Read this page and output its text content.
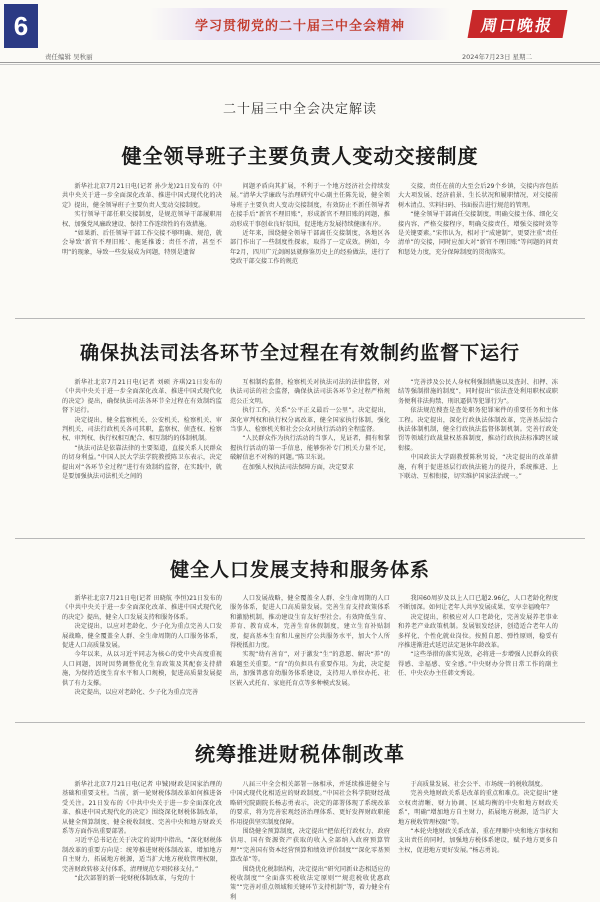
6	学习贯彻党的二十届三中全会精神	周口晚报
责任编辑 吴秋丽	2024年7月23日 星期二
二十届三中全会决定解读
健全领导班子主要负责人变动交接制度

新华社北京7月21日电(记者 孙少龙)21日发布的《中共中央关于进一步全面深化改革、推进中国式现代化的决定》提出，健全领导班子主要负责人变动交接制度。

实行领导干部任职交接制度，是规范领导干部履职用权、加强党风廉政建设、保持工作连续性的有效措施。

“如果新、后任领导干部工作交接不够明确、规范，就会导致‘新官不理旧账’、拖延推诿；责任不清，甚至不明”的现象，导致一些发展成为问题，特别是遗留

问题矛盾向其扩展，不利于一个地方经济社会持续发展。”清华大学廉政与治理研究中心副主任陈先说，健全领导班子主要负责人变动交接制度，有效防止不新任领导者在接手后“新官不理旧账”，形成新官不理旧账的问题，推动形成干事创业良好氛围，促进地方发展持续健康有序。

近年来，围绕健全领导干部离任交接制度，各地区各部门作出了一些制度性探索，取得了一定成效。例如，今年2月，四川广元剑阁县就修鉴历史上的经验做法，进行了党政干部交接工作的规范

交接，责任在前的大至会后29个乡镇，交接内容包括大大项发展、经济前景、生长状况和履职情况，对交接前树木清点、实料扫码、书面报告进行规范的管理。

“健全领导干部离任交接制度，明确交接主体、细化交接内容、严格交接程序，明确交接责任，增强交接时效等是关键要素。”宋伟认为，相对于“成建制”，更要注重“责任清单”的交接，同时应加大对“新官不理旧账”等问题的问责和惩处力度，充分保障制度的贯彻落实。

确保执法司法各环节全过程在有效制约监督下运行

新华社北京7月21日电(记者 刘硕 齐琪)21日发布的《中共中央关于进一步全面深化改革、推进中国式现代化的决定》提出，确保执法司法各环节全过程在有效制约监督下运行。

决定提出，健全监察机关、公安机关、检察机关、审判机关、司法行政机关各司其职，监察权、侦查权、检察权、审判权、执行权相互配合、相互制约的体制机制。

“执法司法是依靠法律的主要渠道，直接关系人民群众的切身利益。”中国人民大学法学院教授陈卫东表示，决定提出对“各环节全过程”进行有效制约监督，在实践中，就是要加强执法司法机关之间的

互相制约监督，检察机关对执法司法的法律监督，对执法司法的社会监督，确保执法司法各环节全过程严格规范公正文明。

执行工作，关系“公平正义最后一公里”。决定提出，深化审判权和执行权分离改革，健全国家执行体制，强化当事人、检察机关和社会公众对执行活动的全程监督。

“人民群众作为执行活动的当事人，见证者，拥有和掌握执行活动的第一手信息，能够弥补专门机关力量不足，破解信息不对称的问题。”陈卫东说。

在加强人权执法司法保障方面，决定要求

“完善涉及公民人身权利强制措施以及查封、扣押、冻结等强制措施的制度”，同时提出“依法查处利用职权或职务便利非法拘禁、刑讯逼供等犯罪行为”。

依法规范搜查是查处职务犯罪案件的重要任务和主体工程。决定提出，深化行政执法体制改革，完善基层综合执法体制机制，健全行政执法监督体制机制。完善行政处罚等领域行政裁量权基准制度，推动行政执法标准跨区域衔接。

中国政法大学副教授陈秋男说，“决定提出的改革措施，有利于促进基层行政执法能力的提升，系统推进、上下联动、互相衔接，切实维护国家法治统一。”

健全人口发展支持和服务体系

新华社北京7月21日电(记者 田晓航 李恒)21日发布的《中共中央关于进一步全面深化改革、推进中国式现代化的决定》提出，健全人口发展支持和服务体系。

决定提出，以应对老龄化、少子化为重点完善人口发展战略，健全覆盖全人群、全生命周期的人口服务体系，促进人口高质量发展。

今年以来，从以习近平同志为核心的党中央高度重视人口问题，因时因势调整优化生育政策及其配套支持措施，为保持适度生育水平和人口规模，促进高质量发展提供了有力支撑。

决定提出，以应对老龄化、少子化为重点完善

人口发展战略，健全覆盖全人群、全生命周期的人口服务体系，促进人口高质量发展。完善生育支持政策体系和激励机制，推动建设生育友好型社会。有效降低生育、养育、教育成本，完善生育休假制度，建立生育补贴制度，提高基本生育和儿童医疗公共服务水平，加大个人所得税抵扣力度。

实现“幼有善育”，对于激发“生”的意愿、解决“养”的难题至关重要。“育”的负担具有重要作用。为此，决定提出，加强普惠育幼服务体系建设，支持用人单位办托、社区嵌入式托育、家庭托育点等多种模式发展。

我国60周岁及以上人口已超2.96亿，人口老龄化程度不断加深。如何让老年人共享发展成果、安享幸福晚年？

决定提出，积极应对人口老龄化，完善发展养老事业和养老产业政策机制。发展银发经济，创造适合老年人的多样化、个性化就业岗位。按照自愿、弹性原则，稳妥有序推进渐进式延迟法定退休年龄改革。

“这些举措的落实见效，必将进一步增强人民群众的获得感、幸福感、安全感。”中央财办分管日常工作的副主任、中央农办主任韩文秀说。

统筹推进财税体制改革

新华社北京7月21日电(记者 申铖)财政是国家治理的基础和重要支柱。当前，新一轮财税体制改革如何推进备受关注。21日发布的《中共中央关于进一步全面深化改革、推进中国式现代化的决定》围绕深化财税体制改革，从健全预算制度、健全税收制度、完善中央和地方财政关系等方面作出重要部署。

习近平总书记在关于决定的说明中指出，“深化财税体制改革的重要方向是：统筹推进财税体制改革，增加地方自主财力，拓展地方税源，适当扩大地方税收管理权限，完善财政转移支付体系，清理规范专项转移支付。”

“此次部署的新一轮财税体制改革，与党的十

八届三中全会相关部署一脉相承，并延续推进健全与中国式现代化相适应的财政制度。”中国社会科学院财经战略研究院副院长杨志勇表示，决定的部署体现了系统改革的要求，将为完善宏观经济治理体系、更好发挥财政职能作用提供坚实制度保障。

围绕健全预算制度，决定提出“把依托行政权力、政府信用、国有资源资产获取的收入全部纳入政府预算管理”“完善国有资本经营预算和绩效评价制度”“深化零基预算改革”等。

围绕优化税制结构，决定提出“研究同新业态相适应的税收制度”“全面落实税收法定原则”“规范税收优惠政策”“完善对重点领域和关键环节支持机制”等，着力健全有利

于高质量发展、社会公平、市场统一的税收制度。

完善央地财政关系是改革的重点和难点。决定提出“建立权责清晰、财力协调、区域均衡的中央和地方财政关系”，明确“增加地方自主财力，拓展地方税源，适当扩大地方税收管理权限”等。

“本轮央地财政关系改革，重在理顺中央和地方事权和支出责任的同时，加强地方税体系建设，赋予地方更多自主权，促进地方更好发展。”杨志勇说。
